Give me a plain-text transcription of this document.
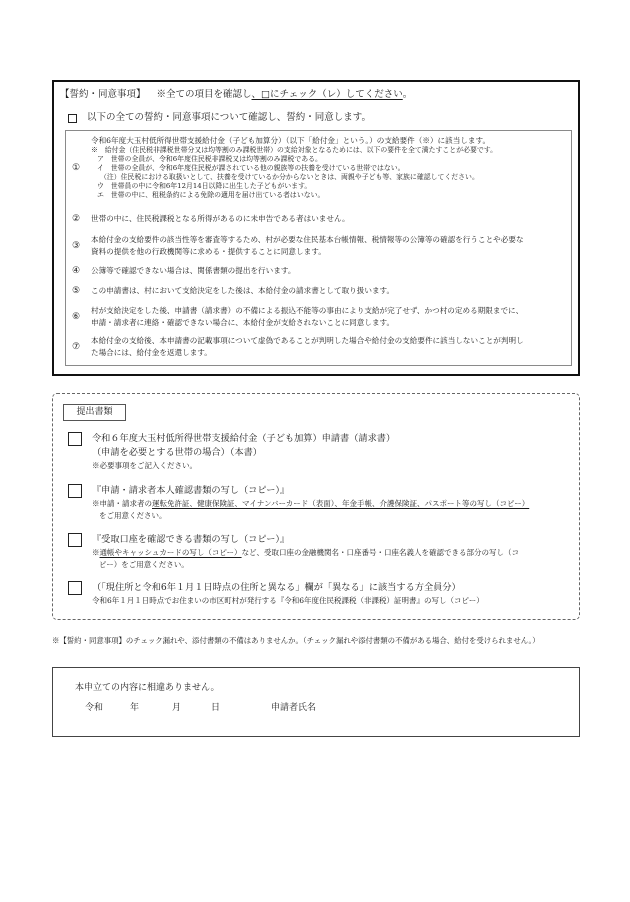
【誓約・同意事項】 ※全ての項目を確認し、□にチェック（レ）してください。
以下の全ての誓約・同意事項について確認し、誓約・同意します。
①
令和6年度大玉村低所得世帯支援給付金（子ども加算分）（以下「給付金」という。）の支給要件（※）に該当します。
※　給付金（住民税非課税世帯分又は均等割のみ課税世帯）の支給対象となるためには、以下の要件を全て満たすことが必要です。
ア　世帯の全員が、令和6年度住民税非課税又は均等割のみ課税である。
イ　世帯の全員が、令和6年度住民税が課されている他の親族等の扶養を受けている世帯ではない。
（注）住民税における取扱いとして、扶養を受けているか分からないときは、両親や子ども等、家族に確認してください。
ウ　世帯員の中に令和6年12月14日以降に出生した子どもがいます。
エ　世帯の中に、租税条約による免除の適用を届け出ている者はいない。
②	世帯の中に、住民税課税となる所得があるのに未申告である者はいません。
③
本給付金の支給要件の該当性等を審査等するため、村が必要な住民基本台帳情報、税情報等の公簿等の確認を行うことや必要な
資料の提供を他の行政機関等に求める・提供することに同意します。
④	公簿等で確認できない場合は、関係書類の提出を行います。
⑤	この申請書は、村において支給決定をした後は、本給付金の請求書として取り扱います。
⑥
村が支給決定をした後、申請書（請求書）の不備による振込不能等の事由により支給が完了せず、かつ村の定める期限までに、
申請・請求者に連絡・確認できない場合に、本給付金が支給されないことに同意します。
⑦
本給付金の支給後、本申請書の記載事項について虚偽であることが判明した場合や給付金の支給要件に該当しないことが判明し
た場合には、給付金を返還します。
提出書類
令和６年度大玉村低所得世帯支援給付金（子ども加算）申請書（請求書）
（申請を必要とする世帯の場合）（本書）
※必要事項をご記入ください。
『申請・請求者本人確認書類の写し（コピー）』
※申請・請求者の運転免許証、健康保険証、マイナンバーカード（表面）、年金手帳、介護保険証、パスポート等の写し（コピー）
をご用意ください。
『受取口座を確認できる書類の写し（コピー）』
※通帳やキャッシュカードの写し（コピー）など、受取口座の金融機関名・口座番号・口座名義人を確認できる部分の写し（コ
ピー）をご用意ください。
（「現住所と令和6年１月１日時点の住所と異なる」欄が「異なる」に該当する方全員分）
令和6年１月１日時点でお住まいの市区町村が発行する『令和6年度住民税課税（非課税）証明書』の写し（コピー）
※【誓約・同意事項】のチェック漏れや、添付書類の不備はありませんか。（チェック漏れや添付書類の不備がある場合、給付を受けられません。）
本申立ての内容に相違ありません。
令和	年	月	日	申請者氏名
